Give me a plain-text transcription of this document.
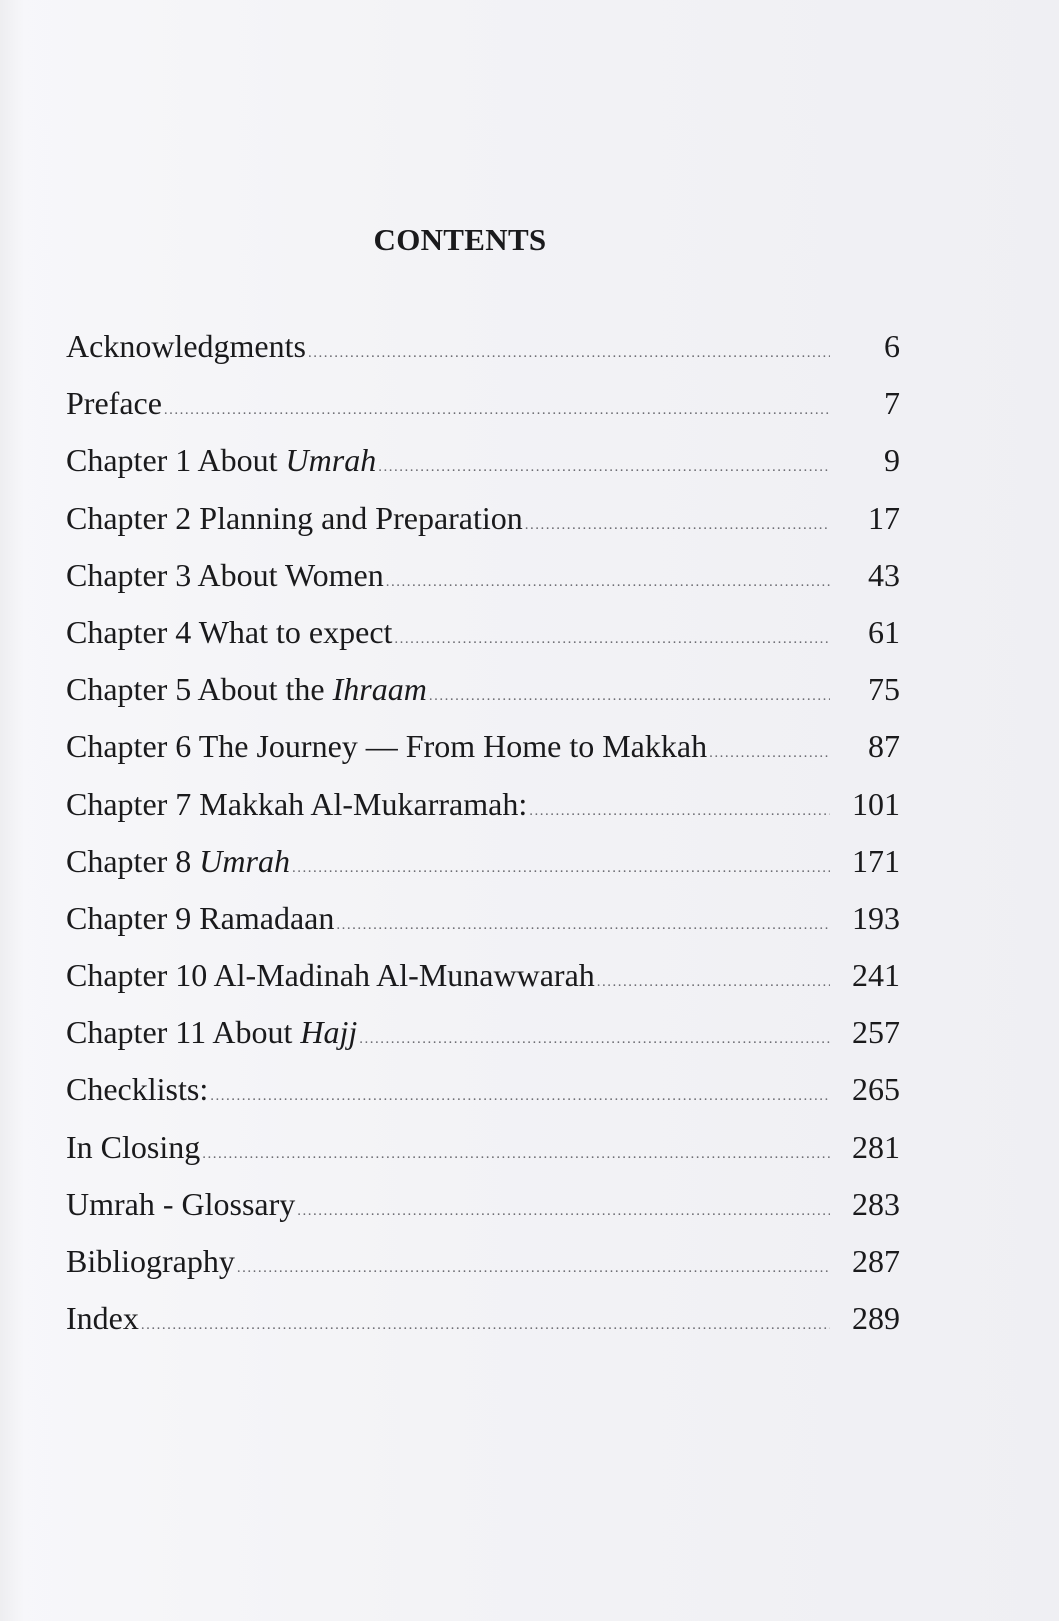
CONTENTS
Acknowledgments .....	6
Preface .....	7
Chapter 1 About Umrah .....	9
Chapter 2 Planning and Preparation .....	17
Chapter 3 About Women .....	43
Chapter 4 What to expect .....	61
Chapter 5 About the Ihraam .....	75
Chapter 6 The Journey — From Home to Makkah .....	87
Chapter 7 Makkah Al-Mukarramah: .....	101
Chapter 8 Umrah .....	171
Chapter 9 Ramadaan .....	193
Chapter 10 Al-Madinah Al-Munawwarah .....	241
Chapter 11 About Hajj .....	257
Checklists: .....	265
In Closing .....	281
Umrah - Glossary .....	283
Bibliography .....	287
Index .....	289
